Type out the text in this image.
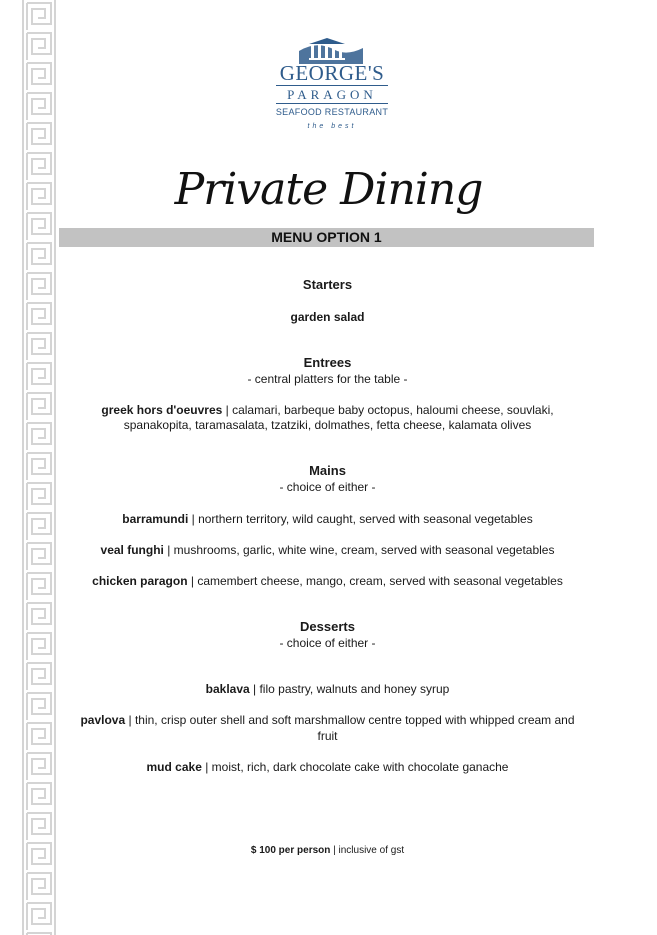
GEORGE'S
PARAGON
SEAFOOD RESTAURANT
the best
Private Dining
MENU OPTION 1
Starters
garden salad
Entrees
- central platters for the table -
greek hors d'oeuvres | calamari, barbeque baby octopus, haloumi cheese, souvlaki,
spanakopita, taramasalata, tzatziki, dolmathes, fetta cheese, kalamata olives
Mains
- choice of either -
barramundi | northern territory, wild caught, served with seasonal vegetables
veal funghi | mushrooms, garlic, white wine, cream, served with seasonal vegetables
chicken paragon | camembert cheese, mango, cream, served with seasonal vegetables
Desserts
- choice of either -
baklava | filo pastry, walnuts and honey syrup
pavlova | thin, crisp outer shell and soft marshmallow centre topped with whipped cream and
fruit
mud cake | moist, rich, dark chocolate cake with chocolate ganache
$ 100 per person | inclusive of gst
